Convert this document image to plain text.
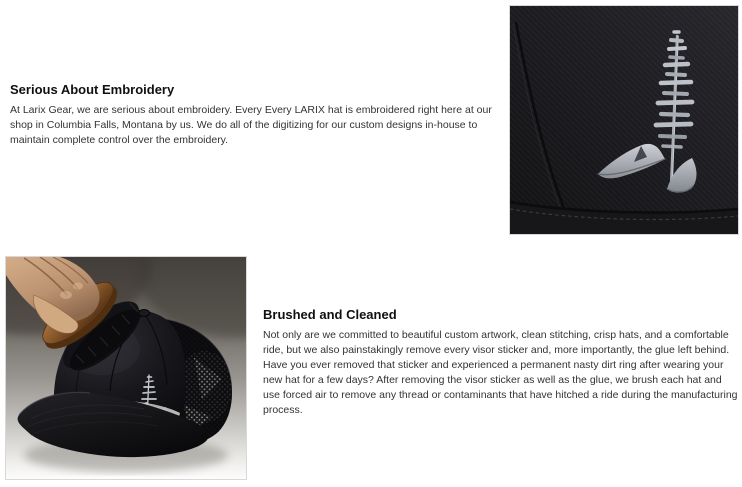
Serious About Embroidery

At Larix Gear, we are serious about embroidery. Every Every LARIX hat is embroidered right here at our shop in Columbia Falls, Montana by us. We do all of the digitizing for our custom designs in-house to maintain complete control over the embroidery.

Brushed and Cleaned

Not only are we committed to beautiful custom artwork, clean stitching, crisp hats, and a comfortable ride, but we also painstakingly remove every visor sticker and, more importantly, the glue left behind. Have you ever removed that sticker and experienced a permanent nasty dirt ring after wearing your new hat for a few days? After removing the visor sticker as well as the glue, we brush each hat and use forced air to remove any thread or contaminants that have hitched a ride during the manufacturing process.
